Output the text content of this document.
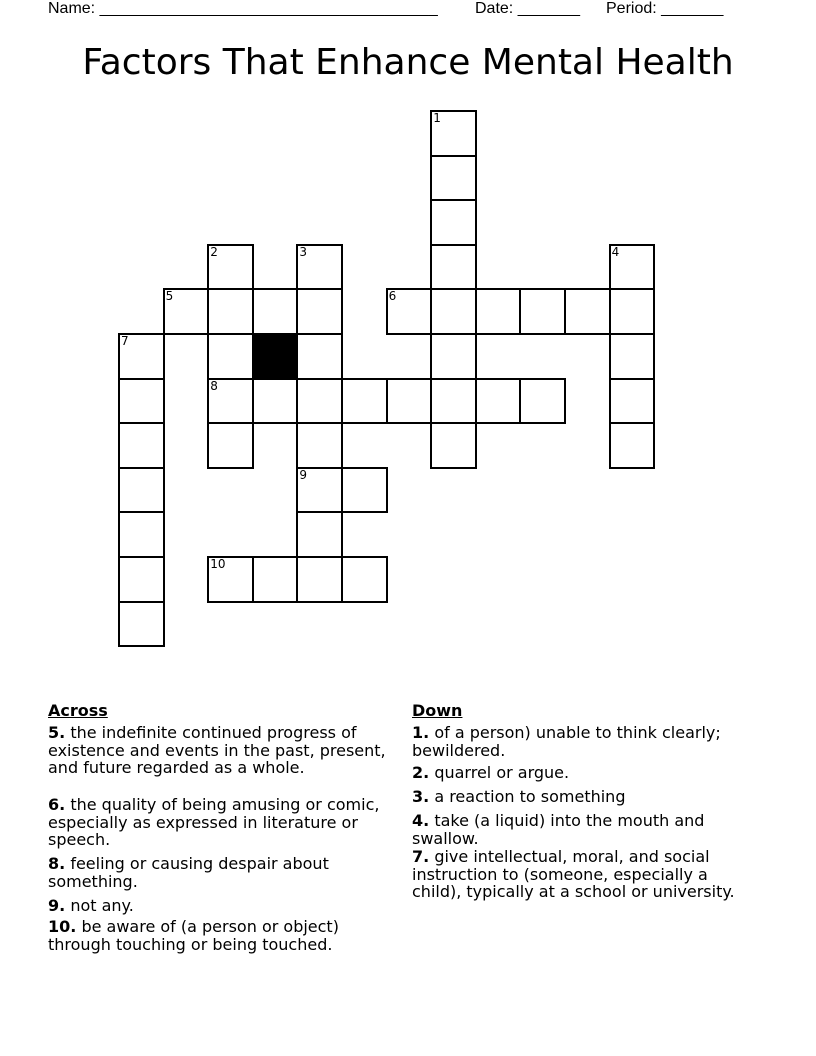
Name: ______________________________________ Date: _______ Period: _______
Factors That Enhance Mental Health
1
2
8
3
9
4
5	6
7
10
Across
5. the indefinite continued progress of existence and events in the past, present, and future regarded as a whole.
6. the quality of being amusing or comic, especially as expressed in literature or speech.
8. feeling or causing despair about something.
9. not any.
10. be aware of (a person or object) through touching or being touched.
Down
1. of a person) unable to think clearly; bewildered.
2. quarrel or argue.
3. a reaction to something
4. take (a liquid) into the mouth and swallow.
7. give intellectual, moral, and social instruction to (someone, especially a child), typically at a school or university.
